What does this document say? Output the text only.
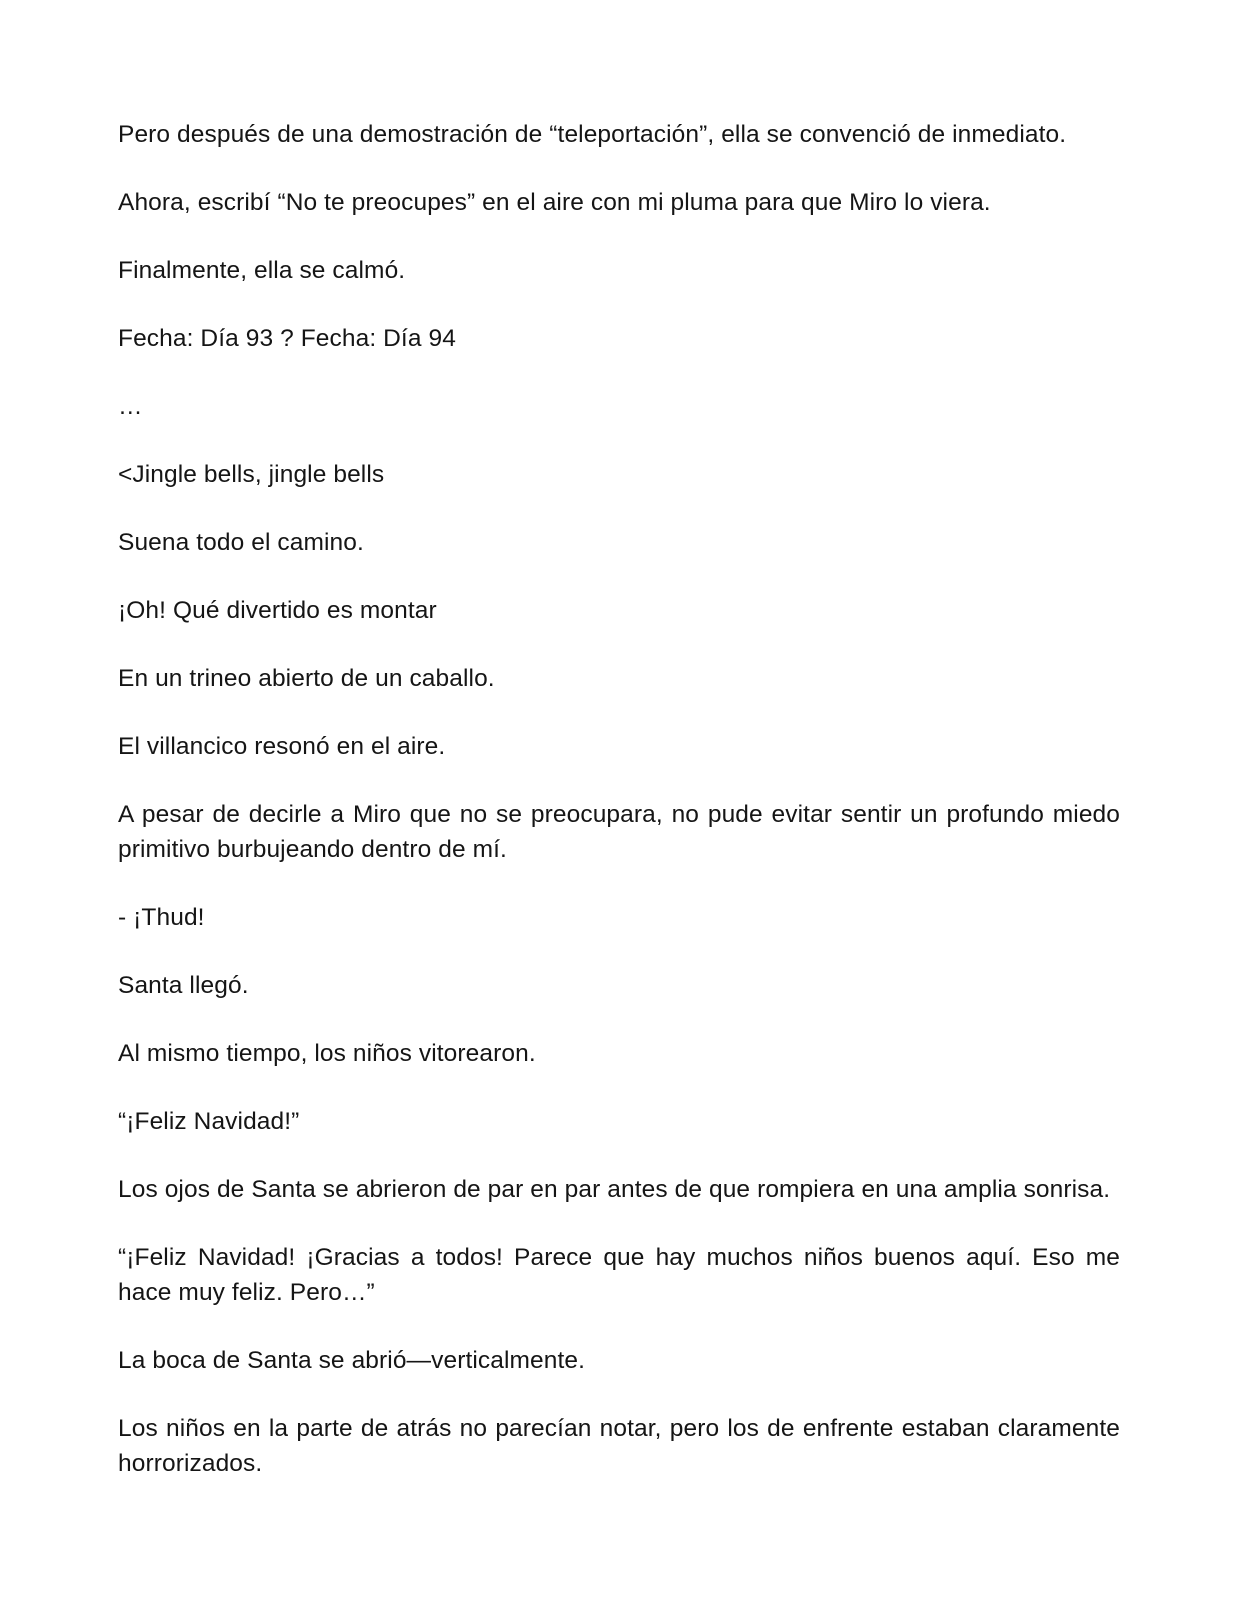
Pero después de una demostración de “teleportación”, ella se convenció de inmediato.

Ahora, escribí “No te preocupes” en el aire con mi pluma para que Miro lo viera.

Finalmente, ella se calmó.

Fecha: Día 93 ? Fecha: Día 94

…

<Jingle bells, jingle bells

Suena todo el camino.

¡Oh! Qué divertido es montar

En un trineo abierto de un caballo.

El villancico resonó en el aire.

A pesar de decirle a Miro que no se preocupara, no pude evitar sentir un profundo miedo primitivo burbujeando dentro de mí.

- ¡Thud!

Santa llegó.

Al mismo tiempo, los niños vitorearon.

“¡Feliz Navidad!”

Los ojos de Santa se abrieron de par en par antes de que rompiera en una amplia sonrisa.

“¡Feliz Navidad! ¡Gracias a todos! Parece que hay muchos niños buenos aquí. Eso me hace muy feliz. Pero…”

La boca de Santa se abrió—verticalmente.

Los niños en la parte de atrás no parecían notar, pero los de enfrente estaban claramente horrorizados.
